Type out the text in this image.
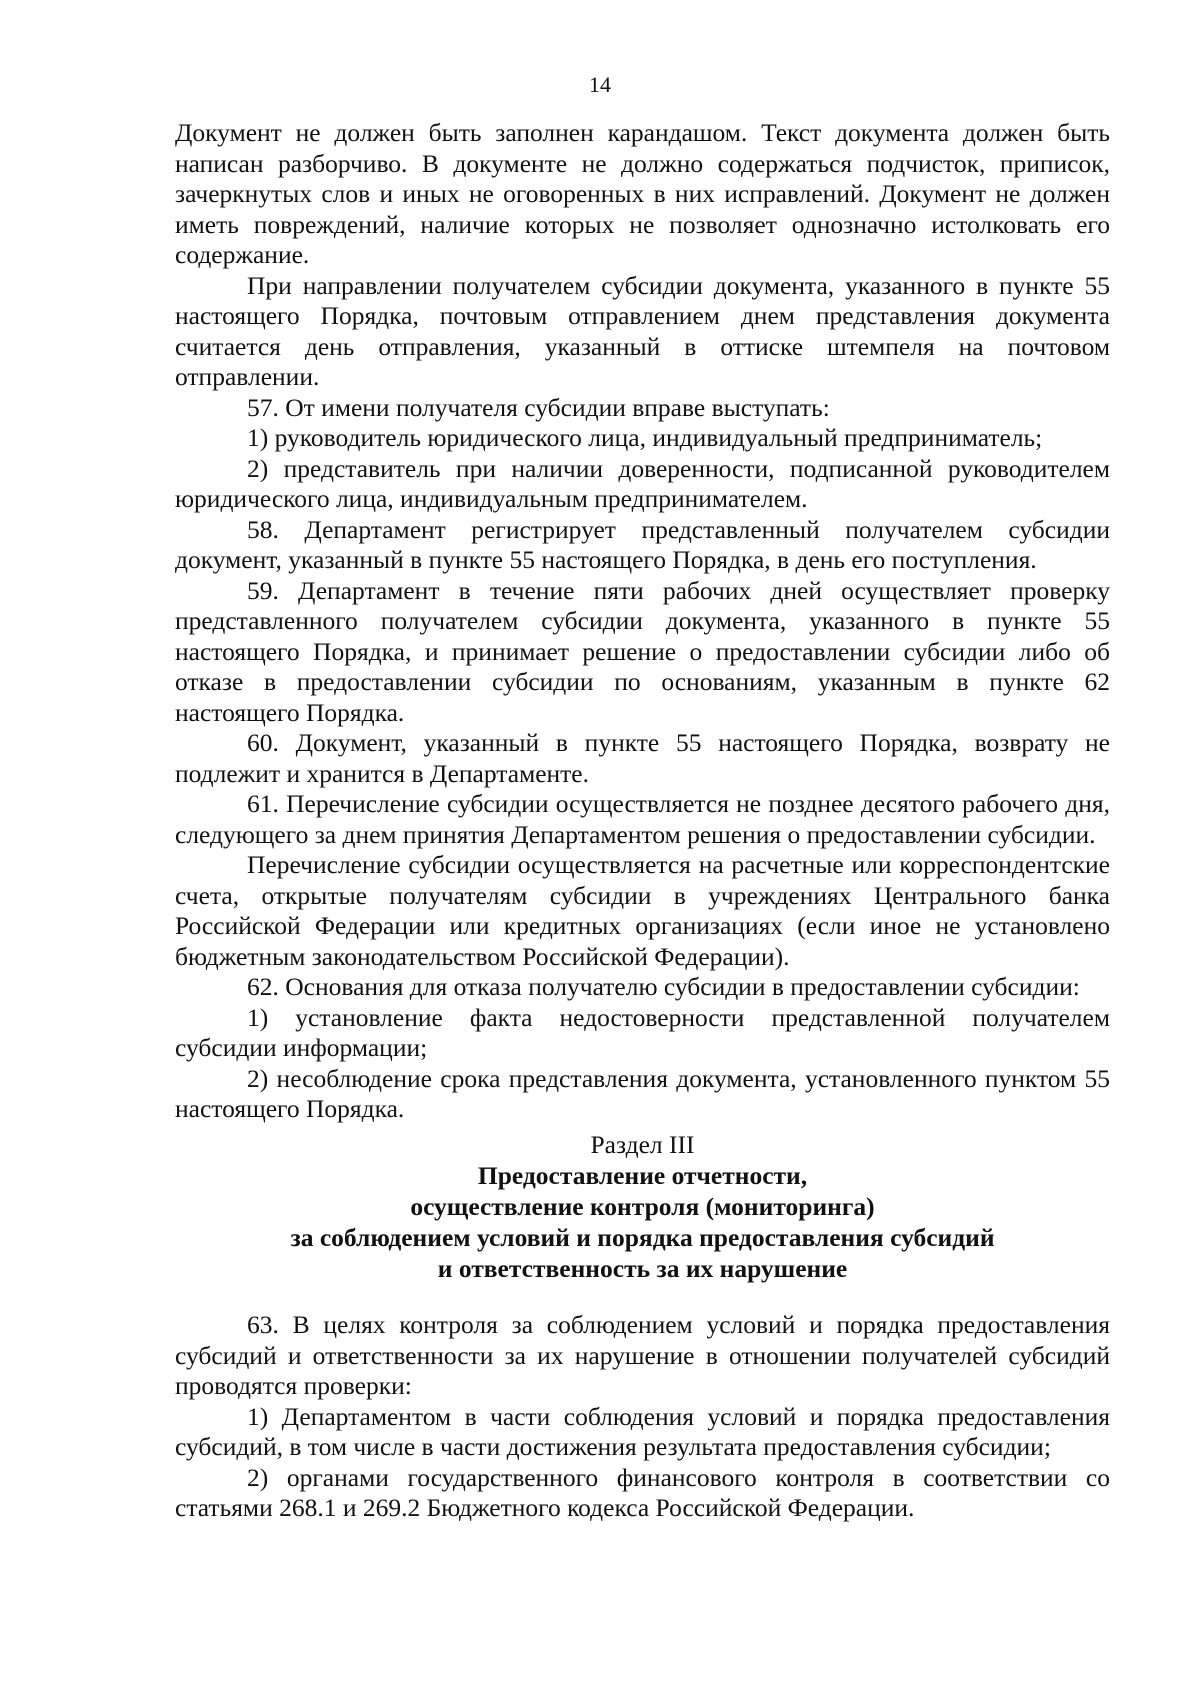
14

Документ не должен быть заполнен карандашом. Текст документа должен быть написан разборчиво. В документе не должно содержаться подчисток, приписок, зачеркнутых слов и иных не оговоренных в них исправлений. Документ не должен иметь повреждений, наличие которых не позволяет однозначно истолковать его содержание.

При направлении получателем субсидии документа, указанного в пункте 55 настоящего Порядка, почтовым отправлением днем представления документа считается день отправления, указанный в оттиске штемпеля на почтовом отправлении.

57. От имени получателя субсидии вправе выступать:

1) руководитель юридического лица, индивидуальный предприниматель;

2) представитель при наличии доверенности, подписанной руководителем юридического лица, индивидуальным предпринимателем.

58. Департамент регистрирует представленный получателем субсидии документ, указанный в пункте 55 настоящего Порядка, в день его поступления.

59. Департамент в течение пяти рабочих дней осуществляет проверку представленного получателем субсидии документа, указанного в пункте 55 настоящего Порядка, и принимает решение о предоставлении субсидии либо об отказе в предоставлении субсидии по основаниям, указанным в пункте 62 настоящего Порядка.

60. Документ, указанный в пункте 55 настоящего Порядка, возврату не подлежит и хранится в Департаменте.

61. Перечисление субсидии осуществляется не позднее десятого рабочего дня, следующего за днем принятия Департаментом решения о предоставлении субсидии.

Перечисление субсидии осуществляется на расчетные или корреспондентские счета, открытые получателям субсидии в учреждениях Центрального банка Российской Федерации или кредитных организациях (если иное не установлено бюджетным законодательством Российской Федерации).

62. Основания для отказа получателю субсидии в предоставлении субсидии:

1) установление факта недостоверности представленной получателем субсидии информации;

2) несоблюдение срока представления документа, установленного пунктом 55 настоящего Порядка.

Раздел III

Предоставление отчетности,

осуществление контроля (мониторинга)

за соблюдением условий и порядка предоставления субсидий

и ответственность за их нарушение

63. В целях контроля за соблюдением условий и порядка предоставления субсидий и ответственности за их нарушение в отношении получателей субсидий проводятся проверки:

1) Департаментом в части соблюдения условий и порядка предоставления субсидий, в том числе в части достижения результата предоставления субсидии;

2) органами государственного финансового контроля в соответствии со статьями 268.1 и 269.2 Бюджетного кодекса Российской Федерации.
